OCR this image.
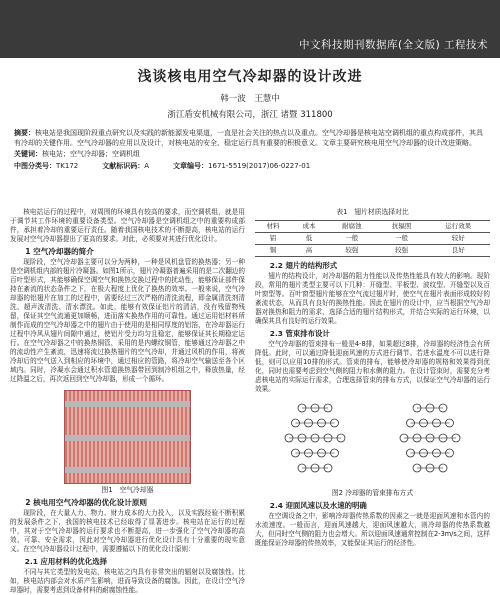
中文科技期刊数据库(全文版) 工程技术
浅谈核电用空气冷却器的设计改进
韩一波　王慧中
浙江盾安机械有限公司，浙江 诸暨 311800
摘要：核电站是我国现阶段重点研究以及实践的新能源发电渠道，一直是社会关注的热点以及重点。空气冷却器是核电站空调机组的重点构成部件，其具有冷却的关键作用。空气冷却器的应用以及设计，对核电站的安全、稳定运行具有重要的积极意义。文章主要研究核电用空气冷却器的设计改进策略。
关键词：核电站；空气冷却器；空调机组
中图分类号：TK172	文献标识码：A	文章编号：1671-5519(2017)06-0227-01

核电站运行的过程中，对周围的环境具有较高的要求，而空调机组，就是用于调节其工作环境的重要设备类型。空气冷却器是空调机组之中的重要构成部件，承担着冷却的重要运行责任。随着我国核电技术的不断提高，核电站的运行发展对空气冷却器提出了更高的要求。对此，必须要对其进行优化设计。

1 空气冷却器的简介

现阶段，空气冷却器主要可以分为两种，一种是风机盘管的换热器；另一种是空调机组内部的翅片冷凝器。如图1所示，翅片冷凝器普遍采用的是二次翻边的百叶型形式，其能够确保空调空气和换热交换过程中的扰动性，能够保证部件保持在紊流的状态条件之下，在极大程度上优化了换热的效率。一般来说，空气冷却器的铝翅片在加工的过程中，需要经过三次严格的清洗流程，即金属清洗剂清洗、超声波清洗、清水漂洗。如此，能够有效保证铝片的清洁，没有残留物残留，保证其空气流通更加顺畅，进而落实换热作用的可靠性。通过运用铝材料所制作而成的空气冷却器之中的翅片由于使用的是相同厚度的铝箔，在冷却器运行过程中冷风从翅片间隙中通过，使铝片受力均匀且稳定，能够保证其长期稳定运行。在空气冷却器之中的换热铜管，采用的是内螺纹铜管，能够通过冷却器之中的流动性产生紊流，迅速将流过换热翅片的空气冷却，并通过风机的作用，将被冷却后的空气送入到相应的环境中，通过相应的管路，将冷却空气输送至各个区域内。同时，冷凝水会通过积水管道换热器带回到制冷机组之中，释放热量，经过降温之后，再次返回到空气冷却器，形成一个循环。

图1　空气冷却器
2 核电用空气冷却器的优化设计原则

现阶段，在大量人力、物力、财力成本的大力投入，以及实践经验不断积累的发展条件之下，我国的核电技术已经取得了显著进步。核电站在运行的过程中，其对于空气冷却器的运行要求也不断提高，进一步强化了空气冷却器的高效、可靠、安全需求，因此对空气冷却器进行优化设计具有十分重要的现实意义。在空气冷却器设计过程中，需要遵循以下的优化设计原则：

2.1 应用材料的优化选择

不同与其它类型的发电站，核电站之内具有非常突出的辐射以及腐蚀性。比如，核电站内部会对水质产生影响，进而导致设备的腐蚀。因此，在设计空气冷却器时，需要考虑到设备材料的耐腐蚀性能。

表1　翅片材质选择对比
材料	成本	耐腐蚀	抗辐照	运行效果
铝	低	一般	一般	较好
铜	高	较强	较强	良好
2.2 翅片的结构形式

翅片的结构设计，对冷却器的阻力性能以及传热性能具有较大的影响。现阶段，常用的翅片类型主要可以下几种：开缝型、平板型、波纹型、开缝型以及百叶窗型等。百叶窗型翅片能够在空气流过翅片时，使空气在翅片表面形成较好的紊流状态，从而具有良好的换热性能。因此在翅片的设计中，应当根据空气冷却器对换热和阻力的需求，选择合适的翅片结构形式，并结合实际的运行环境，以确保其具有良好的运行效果。

2.3 管束排布设计

空气冷却器的管束排布一般是4-8排，如果超过8排，冷却器的经济性会有所降低。此时，可以通过降低迎面风速的方式进行调节。若进水温度不可以进行降低，则可以应用10排的形式。管束的排布，能够使冷却器的规格和效果得到优化，同时也需要考虑到空气侧的阻力和水侧的阻力。在设计管束时，需要充分考虑核电站的实际运行需求，合理选择管束的排布方式，以保证空气冷却器的运行效果。

图2 冷却器的管束排布方式
2.4 迎面风速以及水速的明确

在空调设备之中，影响冷却器传热系数的因素之一就是迎面风速和水管内的水流速度。一般而言，迎面风速越大，迎面风速越大，则冷却器的传热系数越大，但同时空气侧的阻力也会增大。所以迎面风速通常控制在2-3m/s之间，这样既能保证冷却器的传热效率，又能保证其运行的经济性。
